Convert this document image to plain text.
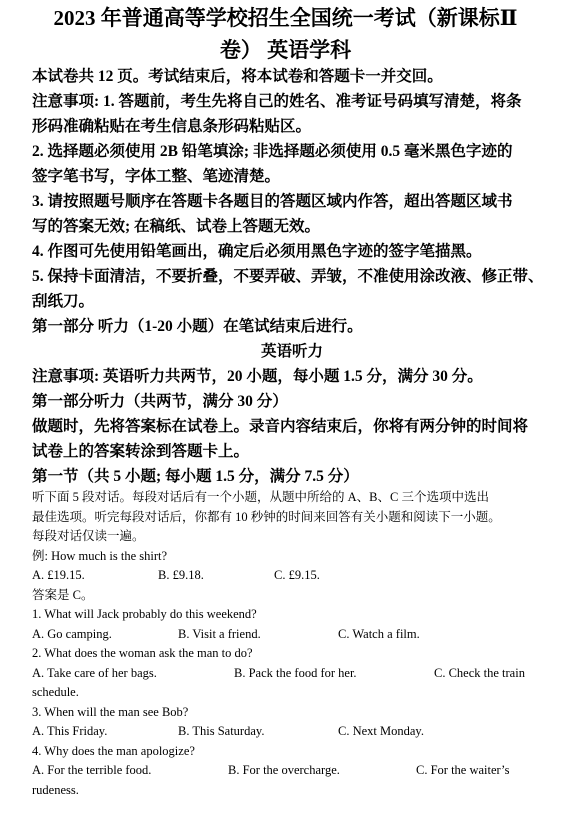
2023 年普通高等学校招生全国统一考试（新课标Ⅱ
卷） 英语学科

本试卷共 12 页。考试结束后，将本试卷和答题卡一并交回。

注意事项: 1. 答题前，考生先将自己的姓名、准考证号码填写清楚，将条

形码准确粘贴在考生信息条形码粘贴区。

2. 选择题必须使用 2B 铅笔填涂; 非选择题必须使用 0.5 毫米黑色字迹的

签字笔书写，字体工整、笔迹清楚。

3. 请按照题号顺序在答题卡各题目的答题区域内作答，超出答题区域书

写的答案无效; 在稿纸、试卷上答题无效。

4. 作图可先使用铅笔画出，确定后必须用黑色字迹的签字笔描黑。

5. 保持卡面清洁，不要折叠，不要弄破、弄皱，不准使用涂改液、修正带、

刮纸刀。

第一部分 听力（1-20 小题）在笔试结束后进行。

英语听力

注意事项: 英语听力共两节，20 小题，每小题 1.5 分，满分 30 分。

第一部分听力（共两节，满分 30 分）

做题时，先将答案标在试卷上。录音内容结束后，你将有两分钟的时间将

试卷上的答案转涂到答题卡上。

第一节（共 5 小题; 每小题 1.5 分，满分 7.5 分）

听下面 5 段对话。每段对话后有一个小题，从题中所给的 A、B、C 三个选项中选出

最佳选项。听完每段对话后，你都有 10 秒钟的时间来回答有关小题和阅读下一小题。

每段对话仅读一遍。

例: How much is the shirt?

A. £19.15.	B. £9.18.	C. £9.15.

答案是 C。

1. What will Jack probably do this weekend?

A. Go camping.	B. Visit a friend.	C. Watch a film.

2. What does the woman ask the man to do?

A. Take care of her bags.	B. Pack the food for her.	C. Check the train

schedule.

3. When will the man see Bob?

A. This Friday.	B. This Saturday.	C. Next Monday.

4. Why does the man apologize?

A. For the terrible food.	B. For the overcharge.	C. For the waiter’s

rudeness.
